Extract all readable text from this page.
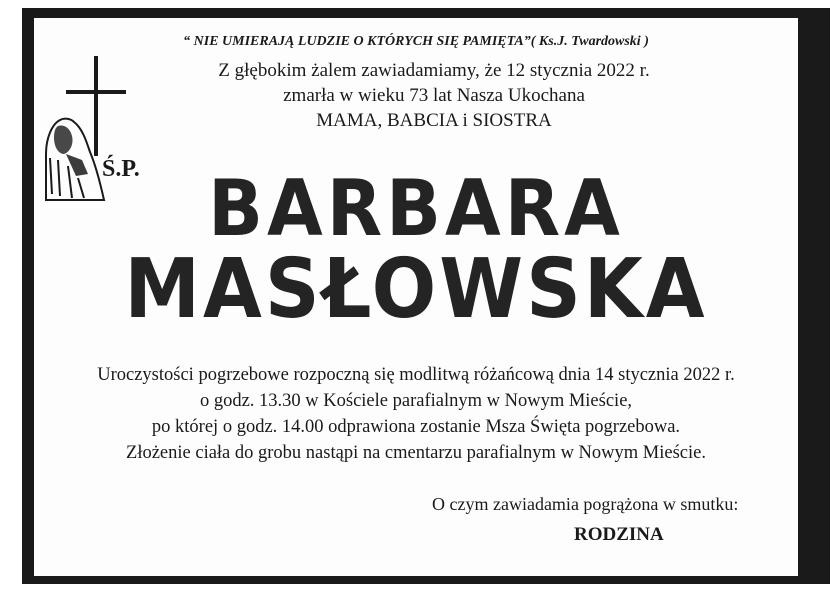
“ NIE UMIERAJĄ LUDZIE O KTÓRYCH SIĘ PAMIĘTA”( Ks.J. Twardowski )
Z głębokim żalem zawiadamiamy, że 12 stycznia 2022 r.
zmarła w wieku 73 lat Nasza Ukochana
MAMA, BABCIA i SIOSTRA
Ś.P. BARBARA
MASŁOWSKA
Uroczystości pogrzebowe rozpoczną się modlitwą różańcową dnia 14 stycznia 2022 r.
o godz. 13.30 w Kościele parafialnym w Nowym Mieście,
po której o godz. 14.00 odprawiona zostanie Msza Święta pogrzebowa.
Złożenie ciała do grobu nastąpi na cmentarzu parafialnym w Nowym Mieście.
O czym zawiadamia pogrążona w smutku:
RODZINA
